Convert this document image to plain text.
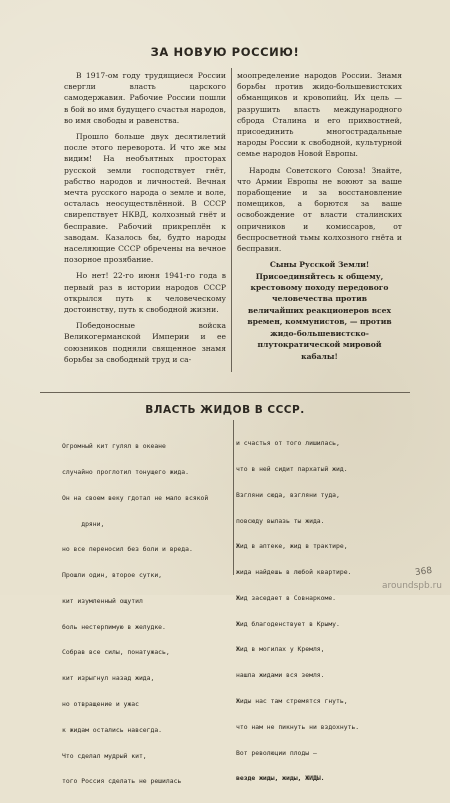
ЗА НОВУЮ РОССИЮ!

В 1917-ом году трудящиеся России свергли власть царского самодержавия. Рабочие России пошли в бой во имя будущего счастья народов, во имя свободы и равенства.

Прошло больше двух десятилетий после этого переворота. И что же мы видим! На необъятных просторах русской земли господствует гнёт, рабство народов и личностей. Вечная мечта русского народа о земле и воле, осталась неосуществлённой. В СССР свирепствует НКВД, колхозный гнёт и бесправие. Рабочий прикреплён к заводам. Казалось бы, будто народы населяющие СССР обречены на вечное позорное прозябание.

Но нет! 22-го июня 1941-го года в первый раз в истории народов СССР открылся путь к человеческому достоинству, путь к свободной жизни.

Победоносные войска Великогерманской Империи и ее союзников подняли священное знамя борьбы за свободный труд и са-

моопределение народов России. Знамя борьбы против жидо-большевистских обманщиков и кровопийц. Их цель — разрушить власть международного сброда Сталина и его прихвостней, присоединить многострадальные народы России к свободной, культурной семье народов Новой Европы.

Народы Советского Союза! Знайте, что Армии Европы не воюют за ваше порабощение и за восстановление помещиков, а борются за ваше освобождение от власти сталинских опричников и комиссаров, от беспросветной тьмы колхозного гнёта и бесправия.

Сыны Русской Земли! Присоединяйтесь к общему, крестовому походу передового человечества против величайших реакционеров всех времен, коммунистов, — против жидо-большевистско-плутократической мировой кабалы!

ВЛАСТЬ ЖИДОВ В СССР.

Огромный кит гулял в океане

случайно проглотил тонущего жида.

Он на своем веку гдотал не мало всякой

дряни,

но все переносил без боли и вреда.

Прошли один, второе сутки,

кит изумленный ощутил

боль нестерпимую в желудке.

Собрав все силы, понатужась,

кит изрыгнул назад жида,

но отвращение и ужас

к жидам остались навсегда.

Что сделал мудрый кит,

того Россия сделать не решилась

и счастья от того лишилась,

что в ней сидит пархатый жид.

Взгляни сюда, взгляни туда,

повсюду вылазь ты жида.

Жид в аптеке, жид в трактире,

жида найдешь в любой квартире.

Жид заседает в Совнаркоме.

Жид благоденствует в Крыму.

Жид в могилах у Кремля,

нашла жидами вся земля.

Жиды нас там стремятся гнуть,

что нам не пикнуть ни вздохнуть.

Вот революции плоды —

везде жиды, жиды, ЖИДЫ.

368
aroundspb.ru
